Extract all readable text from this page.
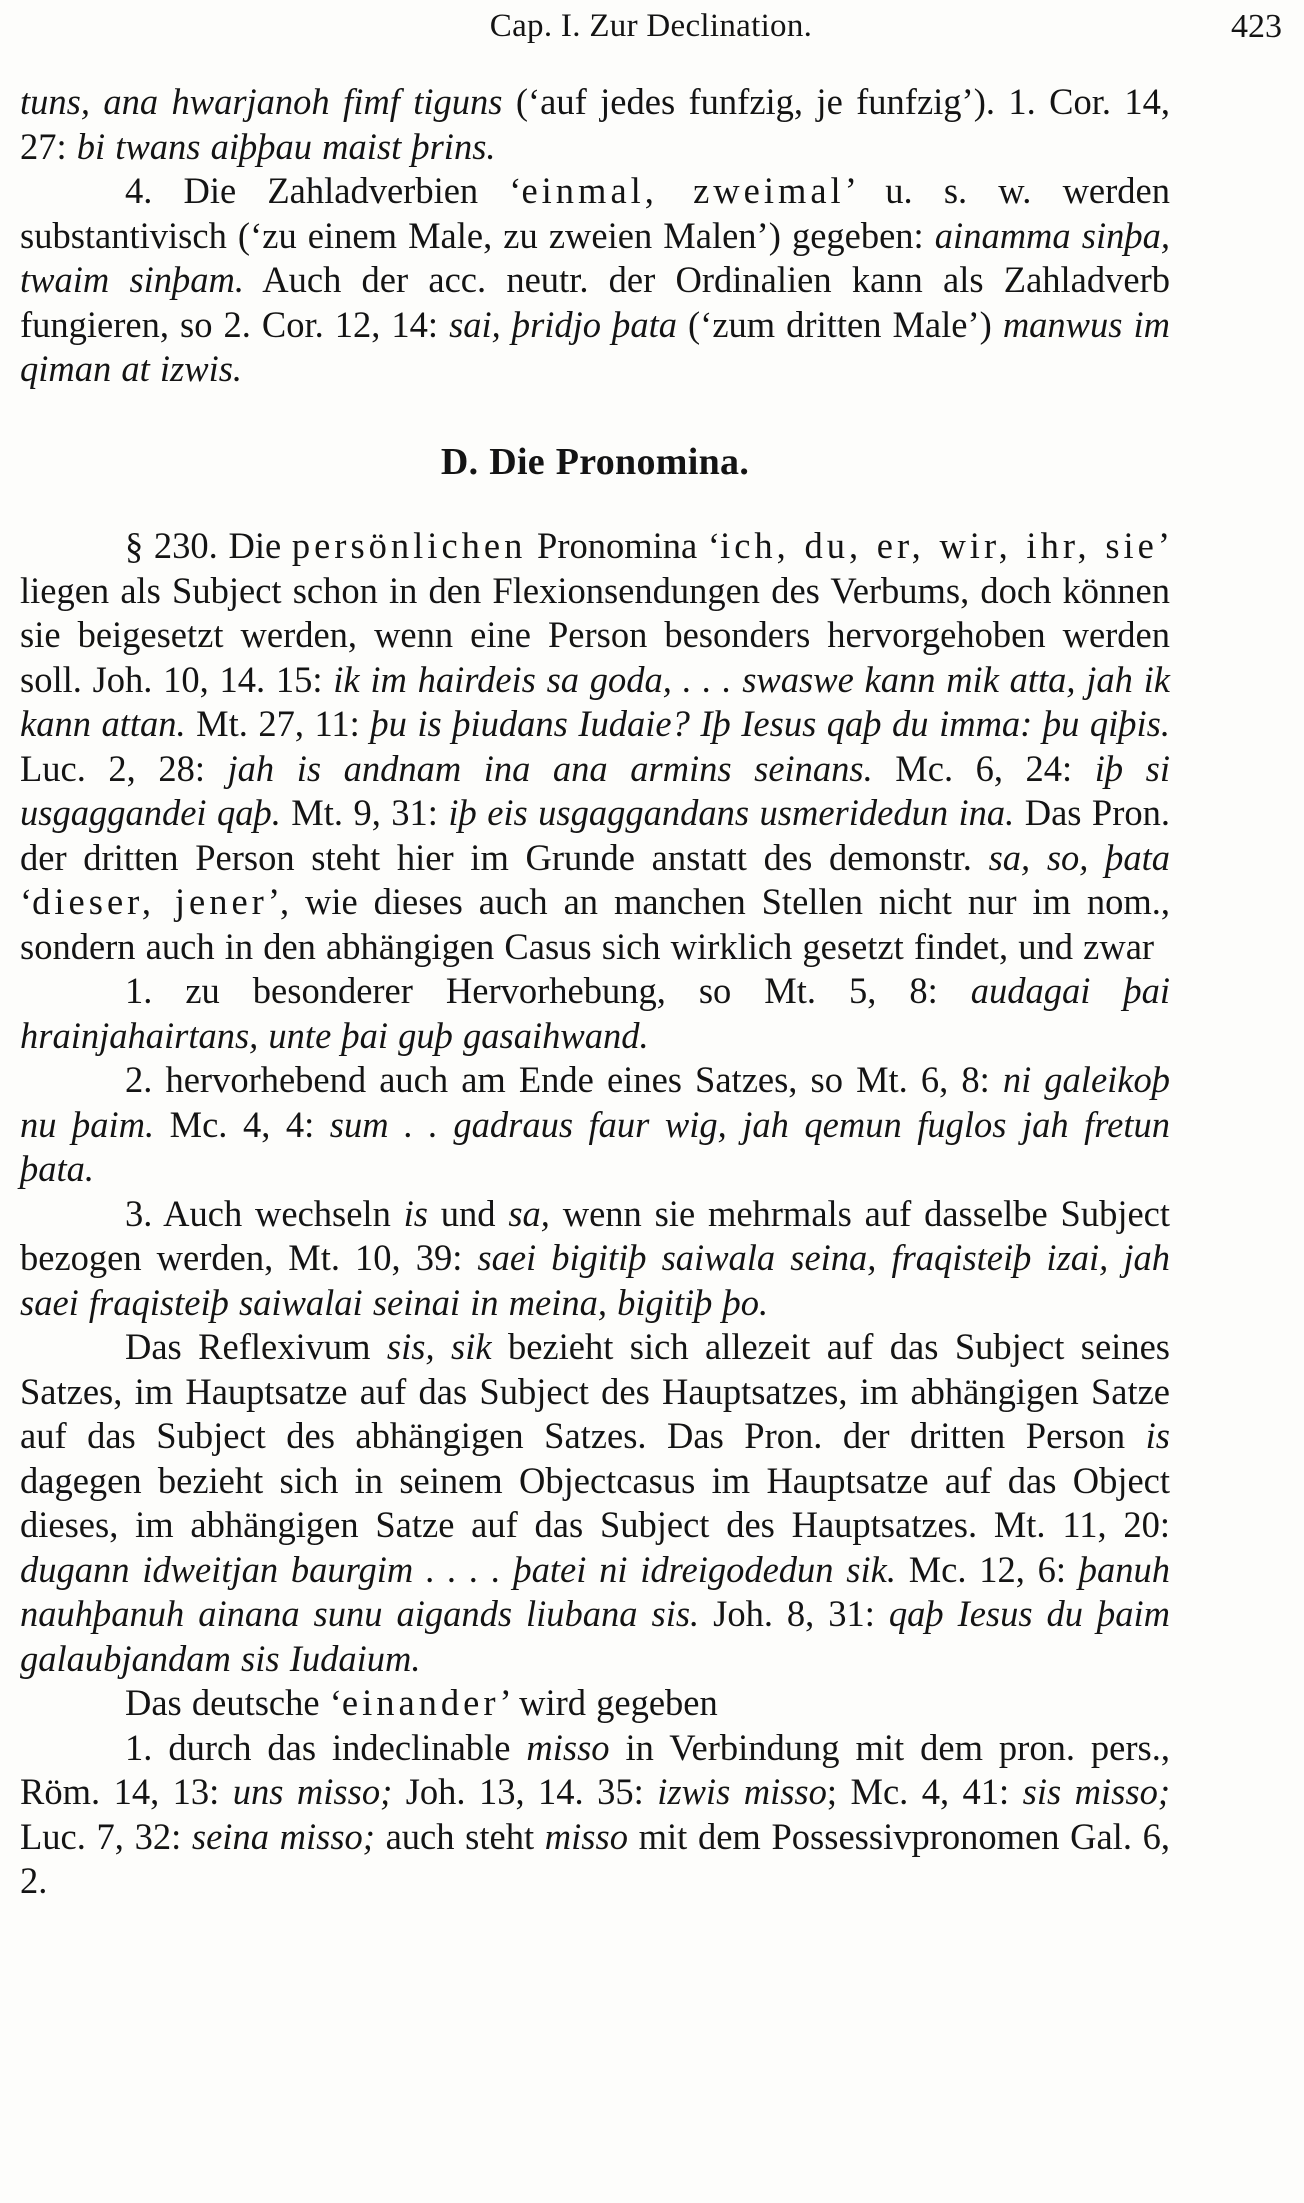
Cap. I. Zur Declination.	423

tuns, ana hwarjanoh fimf tiguns (‘auf jedes funfzig, je funfzig’). 1. Cor. 14, 27: bi twans aiþþau maist þrins.

4. Die Zahladverbien ‘einmal, zweimal’ u. s. w. werden substantivisch (‘zu einem Male, zu zweien Malen’) gegeben: ainamma sinþa, twaim sinþam. Auch der acc. neutr. der Ordinalien kann als Zahladverb fungieren, so 2. Cor. 12, 14: sai, þridjo þata (‘zum dritten Male’) manwus im qiman at izwis.

D. Die Pronomina.

§ 230. Die persönlichen Pronomina ‘ich, du, er, wir, ihr, sie’ liegen als Subject schon in den Flexionsendungen des Verbums, doch können sie beigesetzt werden, wenn eine Person besonders hervorgehoben werden soll. Joh. 10, 14. 15: ik im hairdeis sa goda, . . . swaswe kann mik atta, jah ik kann attan. Mt. 27, 11: þu is þiudans Iudaie? Iþ Iesus qaþ du imma: þu qiþis. Luc. 2, 28: jah is andnam ina ana armins seinans. Mc. 6, 24: iþ si usgaggandei qaþ. Mt. 9, 31: iþ eis usgaggandans usmeridedun ina. Das Pron. der dritten Person steht hier im Grunde anstatt des demonstr. sa, so, þata ‘dieser, jener’, wie dieses auch an manchen Stellen nicht nur im nom., sondern auch in den abhängigen Casus sich wirklich gesetzt findet, und zwar

1. zu besonderer Hervorhebung, so Mt. 5, 8: audagai þai hrainjahairtans, unte þai guþ gasaihwand.

2. hervorhebend auch am Ende eines Satzes, so Mt. 6, 8: ni galeikoþ nu þaim. Mc. 4, 4: sum . . gadraus faur wig, jah qemun fuglos jah fretun þata.

3. Auch wechseln is und sa, wenn sie mehrmals auf dasselbe Subject bezogen werden, Mt. 10, 39: saei bigitiþ saiwala seina, fraqisteiþ izai, jah saei fraqisteiþ saiwalai seinai in meina, bigitiþ þo.

Das Reflexivum sis, sik bezieht sich allezeit auf das Subject seines Satzes, im Hauptsatze auf das Subject des Hauptsatzes, im abhängigen Satze auf das Subject des abhängigen Satzes. Das Pron. der dritten Person is dagegen bezieht sich in seinem Objectcasus im Hauptsatze auf das Object dieses, im abhängigen Satze auf das Subject des Hauptsatzes. Mt. 11, 20: dugann idweitjan baurgim . . . . þatei ni idreigodedun sik. Mc. 12, 6: þanuh nauhþanuh ainana sunu aigands liubana sis. Joh. 8, 31: qaþ Iesus du þaim galaubjandam sis Iudaium.

Das deutsche ‘einander’ wird gegeben

1. durch das indeclinable misso in Verbindung mit dem pron. pers., Röm. 14, 13: uns misso; Joh. 13, 14. 35: izwis misso; Mc. 4, 41: sis misso; Luc. 7, 32: seina misso; auch steht misso mit dem Possessivpronomen Gal. 6, 2.
